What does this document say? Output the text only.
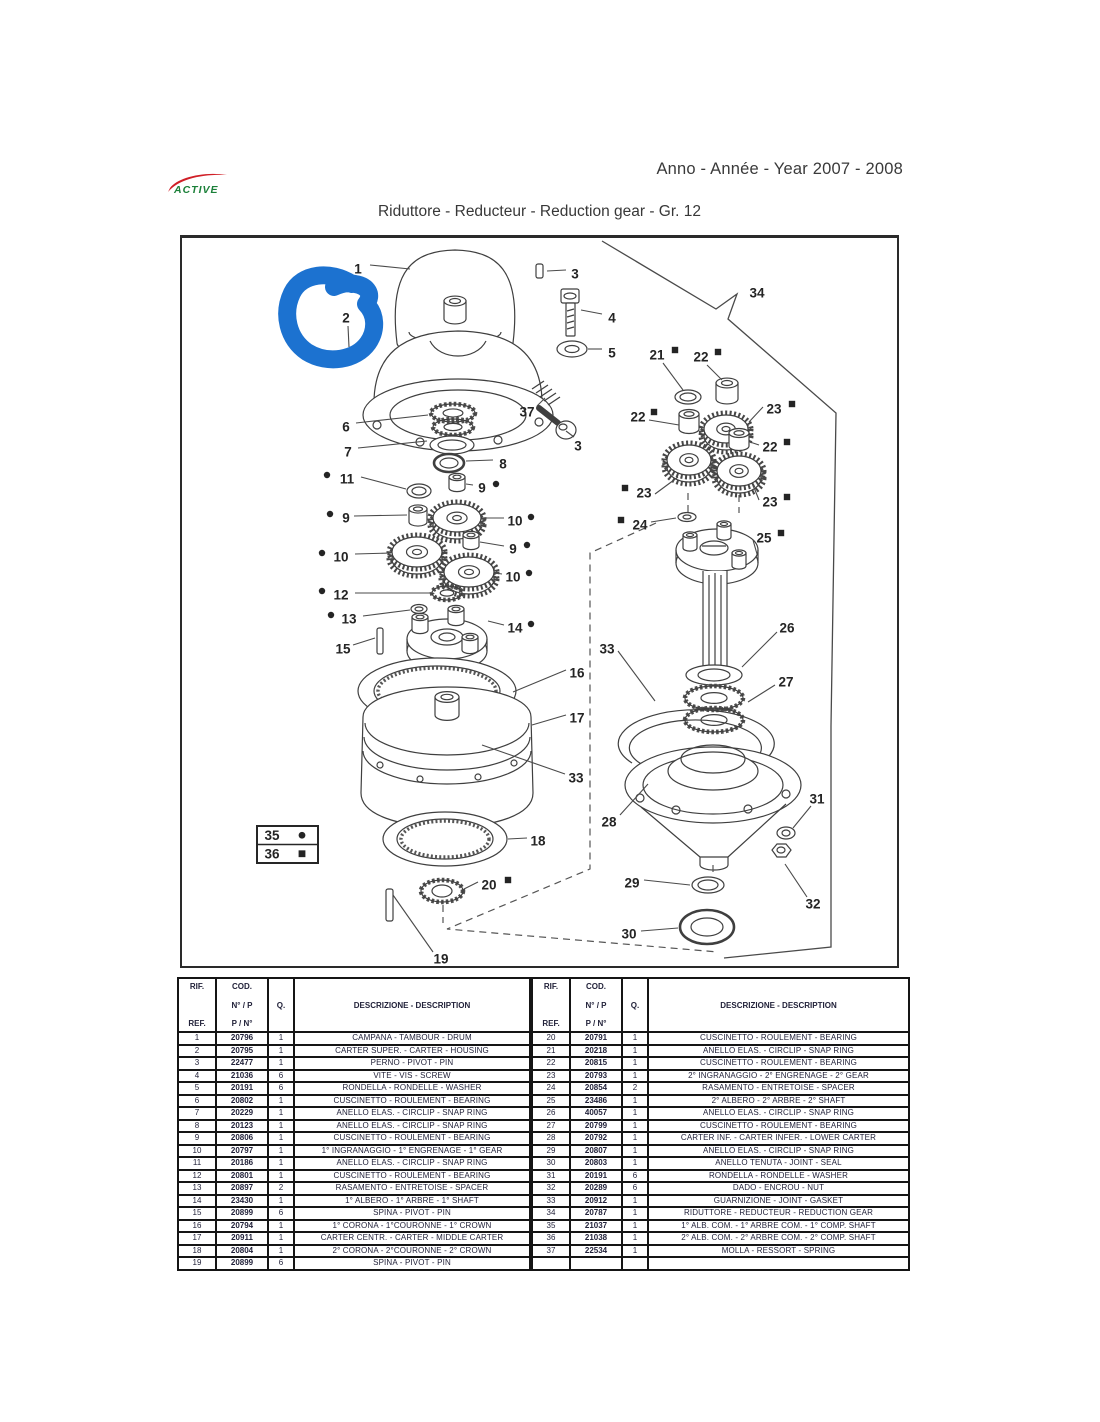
ACTIVE
Anno - Année - Year 2007 - 2008
Riduttore - Reducteur - Reduction gear - Gr. 12
1
2
3
4
5
34
37
3
6
7
8
11
9
10
12
13
15
9
10
9
10
14
16
17
33
18
20
19
21 22
23
22
22
23
23
24
25
26
27
33
28
29
30
31
32
35
36
RIF.
REF.

COD.
N° / P
P / N°

Q.	DESCRIZIONE - DESCRIPTION

1	20796	1	CAMPANA - TAMBOUR - DRUM
2	20795	1	CARTER SUPER. - CARTER - HOUSING
3	22477	1	PERNO - PIVOT - PIN
4	21036	6	VITE - VIS - SCREW
5	20191	6	RONDELLA - RONDELLE - WASHER
6	20802	1	CUSCINETTO - ROULEMENT - BEARING
7	20229	1	ANELLO ELAS. - CIRCLIP - SNAP RING
8	20123	1	ANELLO ELAS. - CIRCLIP - SNAP RING
9	20806	1	CUSCINETTO - ROULEMENT - BEARING
10	20797	1	1° INGRANAGGIO - 1° ENGRENAGE - 1° GEAR
11	20186	1	ANELLO ELAS. - CIRCLIP - SNAP RING
12	20801	1	CUSCINETTO - ROULEMENT - BEARING
13	20897	2	RASAMENTO - ENTRETOISE - SPACER
14	23430	1	1° ALBERO - 1° ARBRE - 1° SHAFT
15	20899	6	SPINA - PIVOT - PIN
16	20794	1	1° CORONA - 1°COURONNE - 1° CROWN
17	20911	1	CARTER CENTR. - CARTER - MIDDLE CARTER
18	20804	1	2° CORONA - 2°COURONNE - 2° CROWN
19	20899	6	SPINA - PIVOT - PIN
RIF.
REF.

COD.
N° / P
P / N°

Q.	DESCRIZIONE - DESCRIPTION

20	20791	1	CUSCINETTO - ROULEMENT - BEARING
21	20218	1	ANELLO ELAS. - CIRCLIP - SNAP RING
22	20815	1	CUSCINETTO - ROULEMENT - BEARING
23	20793	1	2° INGRANAGGIO - 2° ENGRENAGE - 2° GEAR
24	20854	2	RASAMENTO - ENTRETOISE - SPACER
25	23486	1	2° ALBERO - 2° ARBRE - 2° SHAFT
26	40057	1	ANELLO ELAS. - CIRCLIP - SNAP RING
27	20799	1	CUSCINETTO - ROULEMENT - BEARING
28	20792	1	CARTER INF. - CARTER INFER. - LOWER CARTER
29	20807	1	ANELLO ELAS. - CIRCLIP - SNAP RING
30	20803	1	ANELLO TENUTA - JOINT - SEAL
31	20191	6	RONDELLA - RONDELLE - WASHER
32	20289	6	DADO - ENCROU - NUT
33	20912	1	GUARNIZIONE - JOINT - GASKET
34	20787	1	RIDUTTORE - REDUCTEUR - REDUCTION GEAR
35	21037	1	1° ALB. COM. - 1° ARBRE COM. - 1° COMP. SHAFT
36	21038	1	2° ALB. COM. - 2° ARBRE COM. - 2° COMP. SHAFT
37	22534	1	MOLLA - RESSORT - SPRING
